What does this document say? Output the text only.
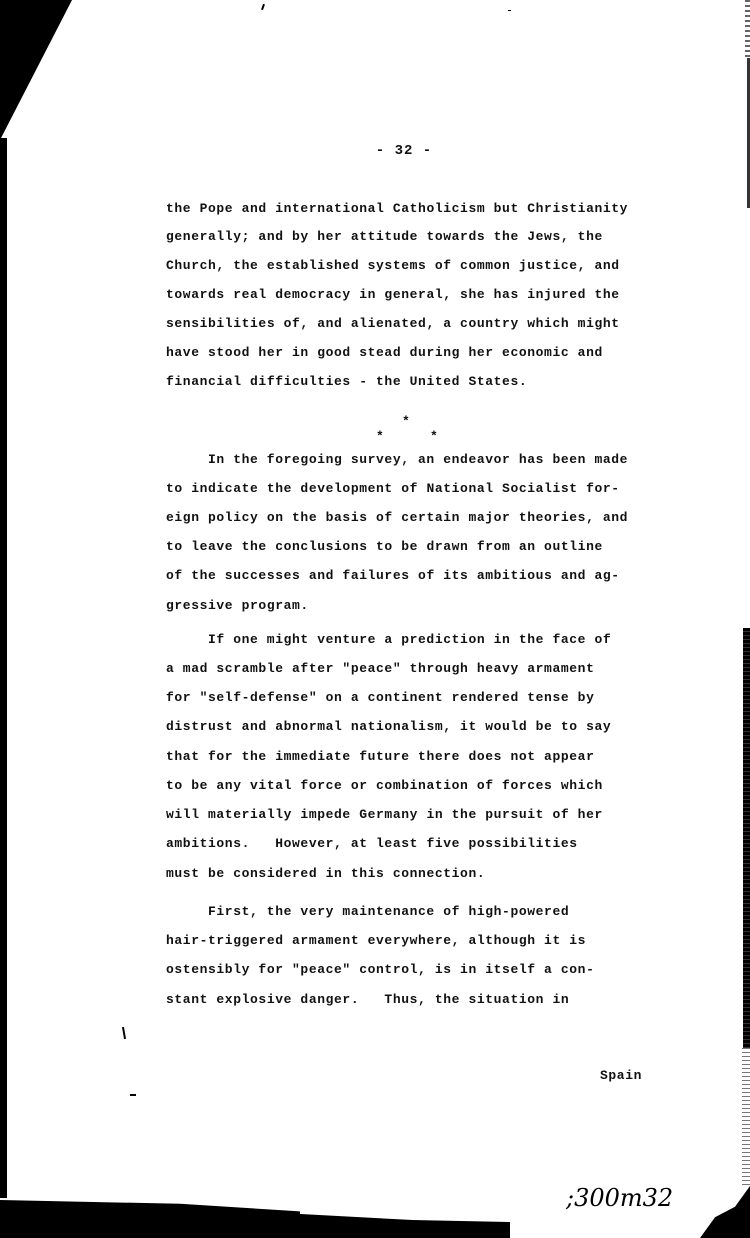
- 32 -

the Pope and international Catholicism but Christianity

generally; and by her attitude towards the Jews, the

Church, the established systems of common justice, and

towards real democracy in general, she has injured the

sensibilities of, and alienated, a country which might

have stood her in good stead during her economic and

financial difficulties - the United States.

*
*	*

In the foregoing survey, an endeavor has been made

to indicate the development of National Socialist for-

eign policy on the basis of certain major theories, and

to leave the conclusions to be drawn from an outline

of the successes and failures of its ambitious and ag-

gressive program.

If one might venture a prediction in the face of

a mad scramble after "peace" through heavy armament

for "self-defense" on a continent rendered tense by

distrust and abnormal nationalism, it would be to say

that for the immediate future there does not appear

to be any vital force or combination of forces which

will materially impede Germany in the pursuit of her

ambitions.   However, at least five possibilities

must be considered in this connection.

First, the very maintenance of high-powered

hair-triggered armament everywhere, although it is

ostensibly for "peace" control, is in itself a con-

stant explosive danger.   Thus, the situation in

Spain
;300m32
